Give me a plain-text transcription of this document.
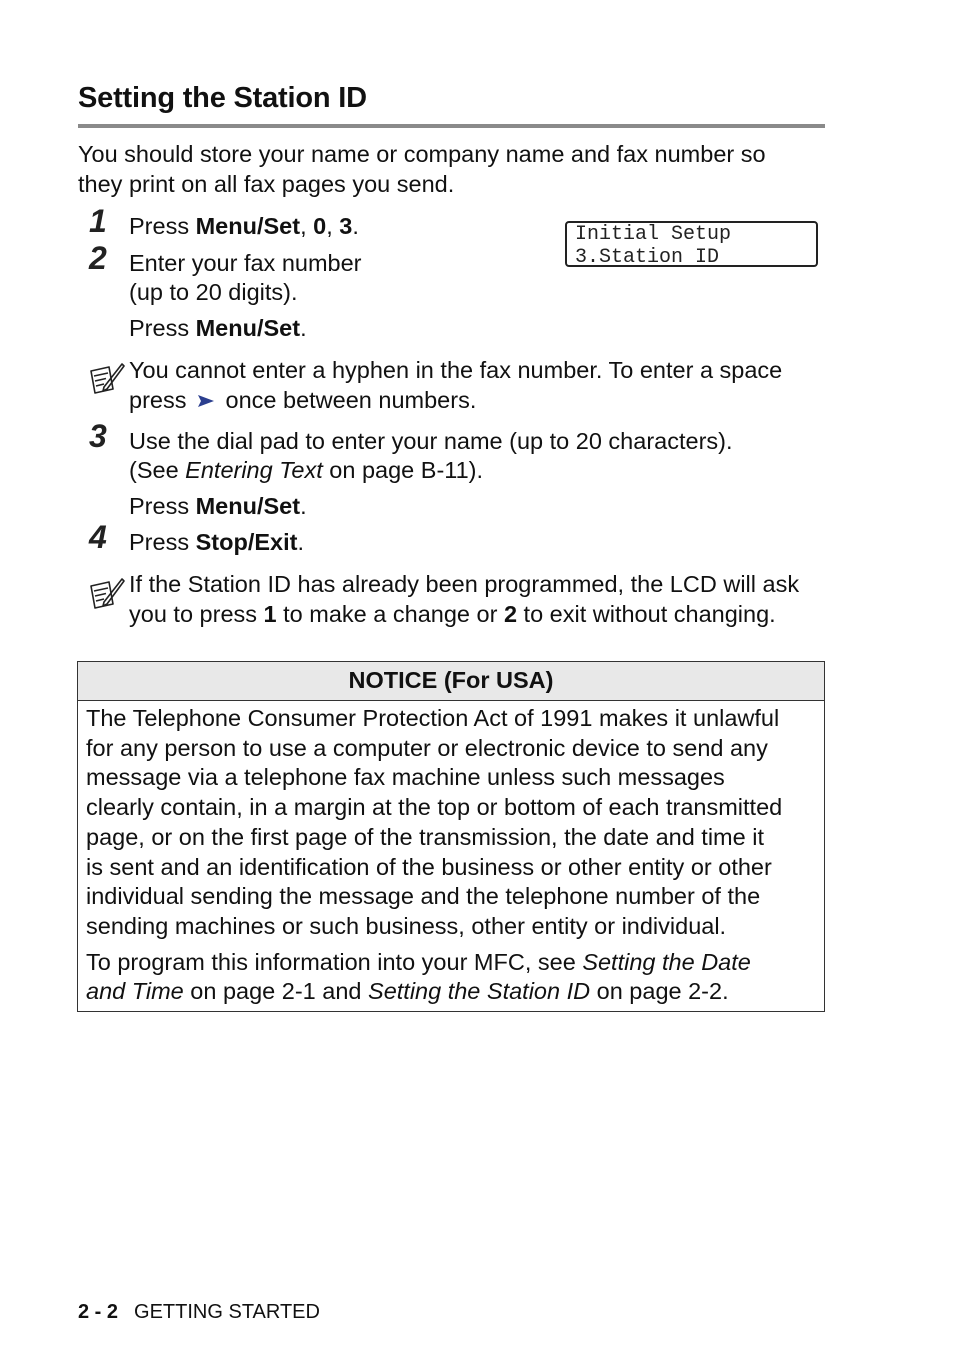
Setting the Station ID
You should store your name or company name and fax number so
they print on all fax pages you send.
1 Press Menu/Set, 0, 3.	Initial Setup
3.Station ID
2 Enter your fax number
(up to 20 digits).
Press Menu/Set.
You cannot enter a hyphen in the fax number. To enter a space
press  once between numbers.
3 Use the dial pad to enter your name (up to 20 characters).
(See Entering Text on page B-11).
Press Menu/Set.
4 Press Stop/Exit.
If the Station ID has already been programmed, the LCD will ask
you to press 1 to make a change or 2 to exit without changing.
NOTICE (For USA)
The Telephone Consumer Protection Act of 1991 makes it unlawful
for any person to use a computer or electronic device to send any
message via a telephone fax machine unless such messages
clearly contain, in a margin at the top or bottom of each transmitted
page, or on the first page of the transmission, the date and time it
is sent and an identification of the business or other entity or other
individual sending the message and the telephone number of the
sending machines or such business, other entity or individual.
To program this information into your MFC, see Setting the Date
and Time on page 2-1 and Setting the Station ID on page 2-2.
2 - 2 GETTING STARTED
